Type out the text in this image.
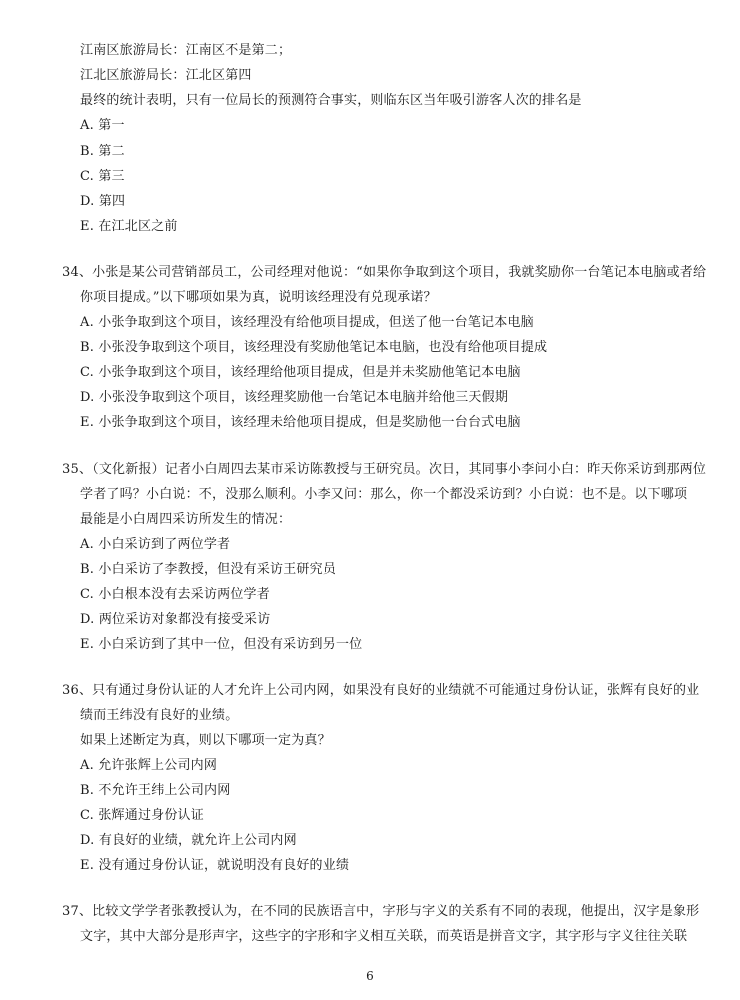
江南区旅游局长：江南区不是第二；
江北区旅游局长：江北区第四
最终的统计表明，只有一位局长的预测符合事实，则临东区当年吸引游客人次的排名是
A. 第一
B. 第二
C. 第三
D. 第四
E. 在江北区之前
34、小张是某公司营销部员工，公司经理对他说：“如果你争取到这个项目，我就奖励你一台笔记本电脑或者给
你项目提成。”以下哪项如果为真，说明该经理没有兑现承诺？
A. 小张争取到这个项目，该经理没有给他项目提成，但送了他一台笔记本电脑
B. 小张没争取到这个项目，该经理没有奖励他笔记本电脑，也没有给他项目提成
C. 小张争取到这个项目，该经理给他项目提成，但是并未奖励他笔记本电脑
D. 小张没争取到这个项目，该经理奖励他一台笔记本电脑并给他三天假期
E. 小张争取到这个项目，该经理未给他项目提成，但是奖励他一台台式电脑
35、（文化新报）记者小白周四去某市采访陈教授与王研究员。次日，其同事小李问小白：昨天你采访到那两位
学者了吗？小白说：不，没那么顺利。小李又问：那么，你一个都没采访到？小白说：也不是。以下哪项
最能是小白周四采访所发生的情况：
A. 小白采访到了两位学者
B. 小白采访了李教授，但没有采访王研究员
C. 小白根本没有去采访两位学者
D. 两位采访对象都没有接受采访
E. 小白采访到了其中一位，但没有采访到另一位
36、只有通过身份认证的人才允许上公司内网，如果没有良好的业绩就不可能通过身份认证，张辉有良好的业
绩而王纬没有良好的业绩。
如果上述断定为真，则以下哪项一定为真？
A. 允许张辉上公司内网
B. 不允许王纬上公司内网
C. 张辉通过身份认证
D. 有良好的业绩，就允许上公司内网
E. 没有通过身份认证，就说明没有良好的业绩
37、比较文学学者张教授认为，在不同的民族语言中，字形与字义的关系有不同的表现，他提出，汉字是象形
文字，其中大部分是形声字，这些字的字形和字义相互关联，而英语是拼音文字，其字形与字义往往关联
6
